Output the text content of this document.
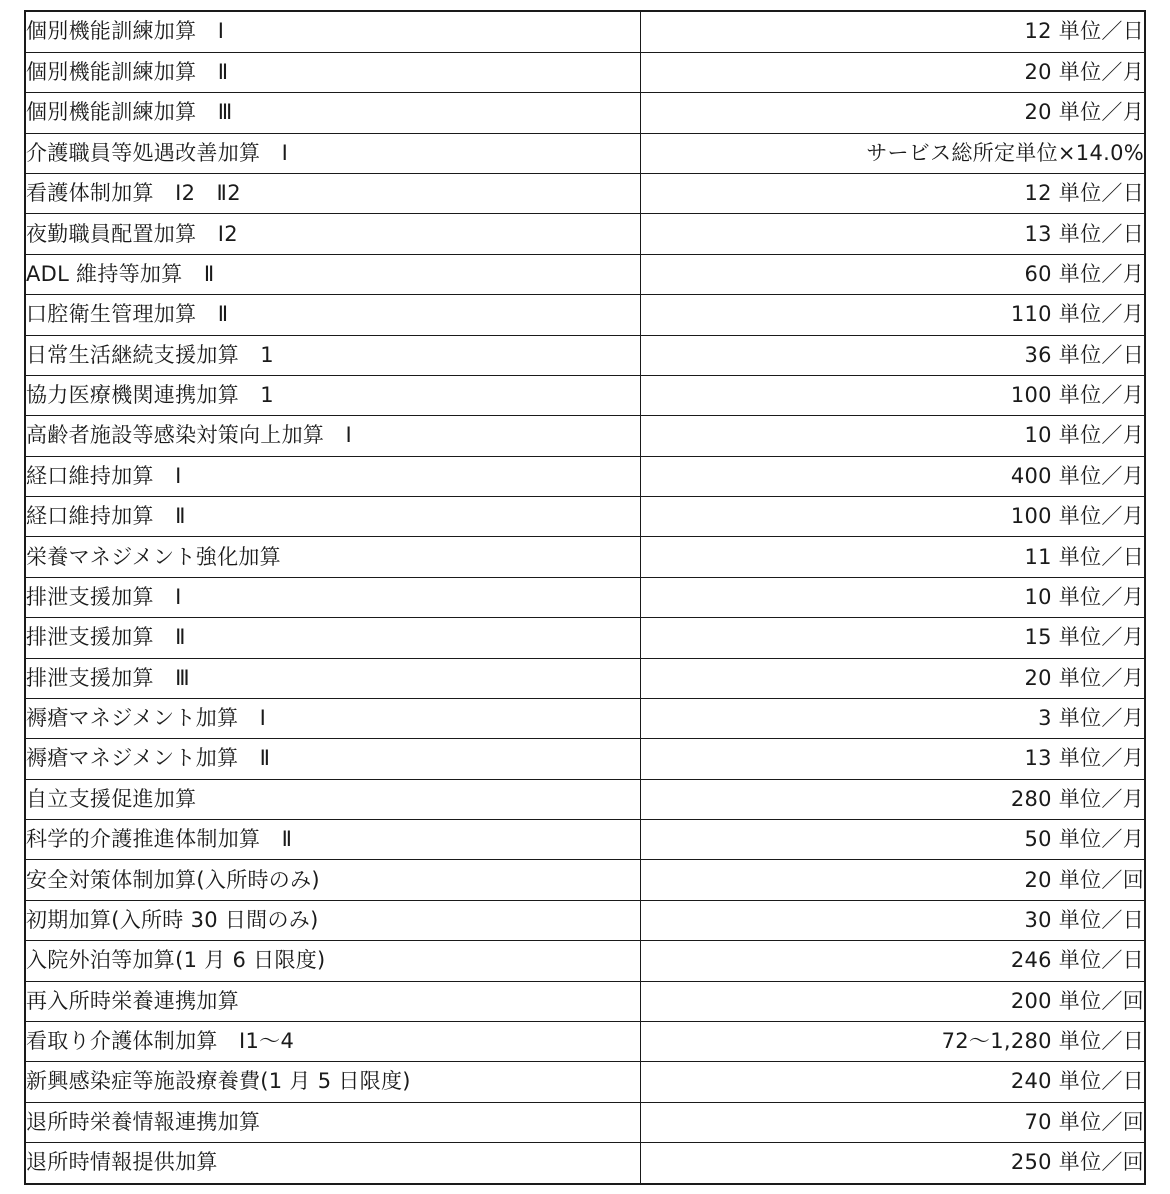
個別機能訓練加算　Ⅰ	12 単位／日
個別機能訓練加算　Ⅱ	20 単位／月
個別機能訓練加算　Ⅲ	20 単位／月
介護職員等処遇改善加算　Ⅰ	サービス総所定単位×14.0%
看護体制加算　Ⅰ2　Ⅱ2	12 単位／日
夜勤職員配置加算　Ⅰ2	13 単位／日
ADL 維持等加算　Ⅱ	60 単位／月
口腔衛生管理加算　Ⅱ	110 単位／月
日常生活継続支援加算　1	36 単位／日
協力医療機関連携加算　1	100 単位／月
高齢者施設等感染対策向上加算　Ⅰ	10 単位／月
経口維持加算　Ⅰ	400 単位／月
経口維持加算　Ⅱ	100 単位／月
栄養マネジメント強化加算	11 単位／日
排泄支援加算　Ⅰ	10 単位／月
排泄支援加算　Ⅱ	15 単位／月
排泄支援加算　Ⅲ	20 単位／月
褥瘡マネジメント加算　Ⅰ	3 単位／月
褥瘡マネジメント加算　Ⅱ	13 単位／月
自立支援促進加算	280 単位／月
科学的介護推進体制加算　Ⅱ	50 単位／月
安全対策体制加算(入所時のみ)	20 単位／回
初期加算(入所時 30 日間のみ)	30 単位／日
入院外泊等加算(1 月 6 日限度)	246 単位／日
再入所時栄養連携加算	200 単位／回
看取り介護体制加算　Ⅰ1～4	72～1,280 単位／日
新興感染症等施設療養費(1 月 5 日限度)	240 単位／日
退所時栄養情報連携加算	70 単位／回
退所時情報提供加算	250 単位／回
